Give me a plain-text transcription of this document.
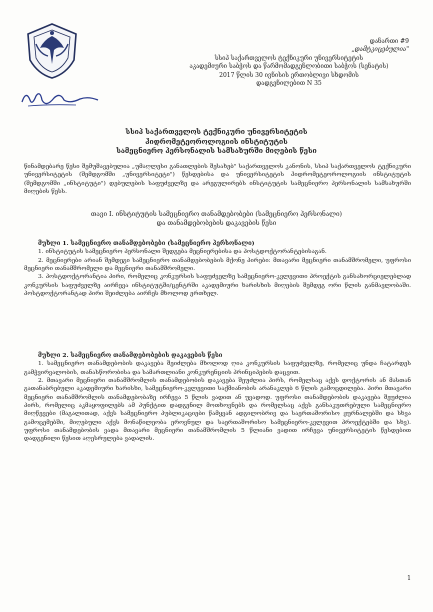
დანართი #9
„დამტკიცებულია"
სსიპ საქართველოს ტექნიკური უნივერსიტეტის
აკადემიური საბჭოს და წარმომადგენლობითი საბჭოს (სენატის)
2017 წლის 30 ივნისის ერთობლივი სხდომის
დადგენილებით N 35
სსიპ საქართველოს ტექნიკური უნივერსიტეტის
ჰიდრომეტეოროლოგიის ინსტიტუტის
სამეცნიერო პერსონალის სამსახურში მიღების წესი
წინამდებარე წესი შემუშავებულია „უმაღლესი განათლების შესახებ" საქართველოს კანონის, სსიპ საქართველოს ტექნიკური უნივერსიტეტის (შემდგომში „უნივერსიტეტი") წესდებისა და უნივერსიტეტის ჰიდრომეტეოროლოგიის ინსტიტუტის (შემდგომში „ინსტიტუტი") დებულების საფუძველზე და არეგულირებს ინსტიტუტის სამეცნიერო პერსონალის სამსახურში მიღების წესს.
თავი I. ინსტიტუტის სამეცნიერო თანამდებობები (სამეცნიერო პერსონალი)
და თანამდებობების დაკავების წესი

მუხლი 1. სამეცნიერო თანამდებობები (სამეცნიერო პერსონალი)

1. ინსტიტუტის სამეცნიერო პერსონალი შედგება მეცნიერებისა და პოსტდოქტორანტებისაგან.

2. მეცნიერები არიან შემდეგი სამეცნიერო თანამდებობების მქონე პირები: მთავარი მეცნიერი თანამშრომელი, უფროსი მეცნიერი თანამშრომელი და მეცნიერი თანამშრომელი.

3. პოსტდოქტორანტია პირი, რომელიც კონკურსის საფუძველზე სამეცნიერო-კვლევითი პროექტის განსახორციელებლად კონკურსის საფუძველზე აირჩევა ინსტიტუტში/ცენტრში აკადემიური ხარისხის მიღების შემდეგ ორი წლის განმავლობაში. პოსტდოქტორანტად პირი შეიძლება აირჩეს მხოლოდ ერთხელ.

მუხლი 2. სამეცნიერო თანამდებობების დაკავების წესი

1. სამეცნიერო თანამდებობის დაკავება შეიძლება მხოლოდ ღია კონკურსის საფუძველზე, რომელიც უნდა ჩატარდეს გამჭვირვალობის, თანასწორობისა და სამართლიანი კონკურენციის პრინციპების დაცვით.

2. მთავარი მეცნიერი თანამშრომლის თანამდებობის დაკავება შეუძლია პირს, რომელსაც აქვს დოქტორის ან მასთან გათანაბრებული აკადემიური ხარისხი, სამეცნიერო-კვლევითი საქმიანობის არანაკლებ 6 წლის გამოცდილება. პირი მთავარი მეცნიერი თანამშრომლის თანამდებობაზე ირჩევა 5 წლის ვადით ან უვადოდ. უფროსი თანამდებობის დაკავება შეუძლია პირს, რომელიც აკმაყოფილებს ამ პუნქტით დადგენილ მოთხოვნებს და რომელსაც აქვს განსაკუთრებული სამეცნიერო მიღწევები (მაგალითად, აქვს სამეცნიერო პუბლიკაციები წამყვან ადგილობრივ და საერთაშორისო ჟურნალებში და სხვა გამოცემებში, მიღებული აქვს მონაწილეობა ეროვნულ და საერთაშორისო სამეცნიერო-კვლევით პროექტებში და სხვ). უფროსი თანამდებობის ვადა მთავარი მეცნიერი თანამშრომლის 5 წლიანი ვადით ირჩევა უნივერსიტეტის წესდებით დადგენილი წესით აღესრულება ვადალის.

1
